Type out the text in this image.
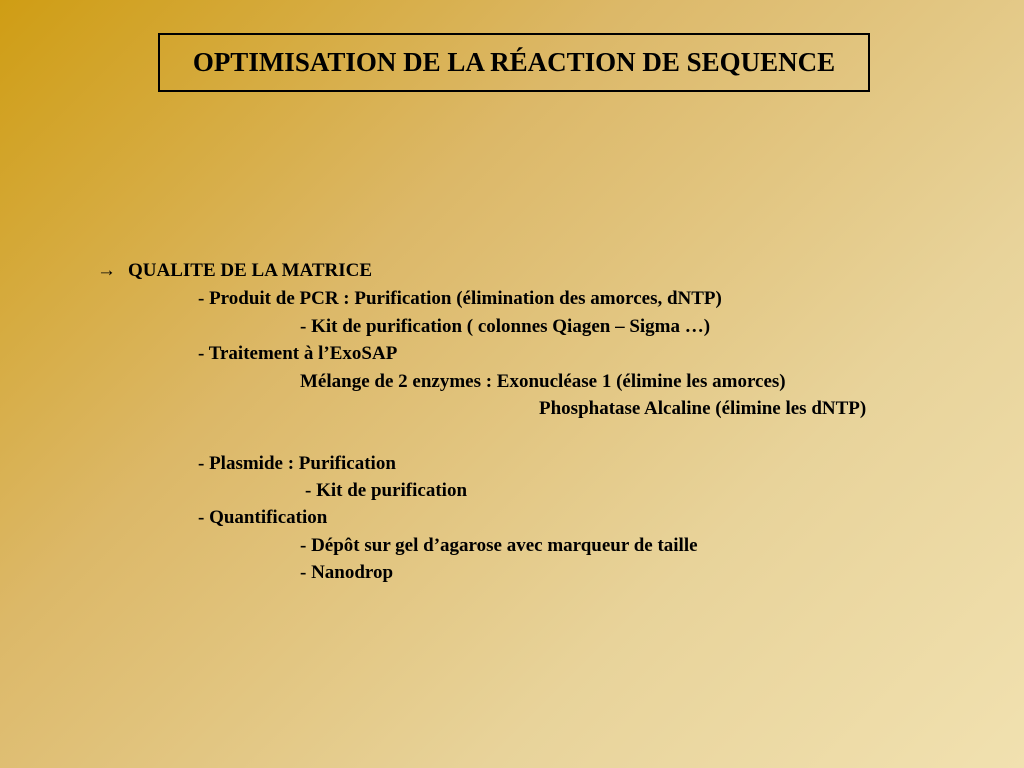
OPTIMISATION DE LA RÉACTION DE SEQUENCE
→ QUALITE DE LA MATRICE
- Produit de PCR : Purification (élimination des amorces, dNTP)
- Kit de purification ( colonnes Qiagen – Sigma …)
- Traitement à l’ExoSAP
Mélange de 2 enzymes : Exonucléase 1 (élimine les amorces)
Phosphatase Alcaline (élimine les dNTP)
- Plasmide : Purification
- Kit de purification
- Quantification
- Dépôt sur gel d’agarose avec marqueur de taille
- Nanodrop
